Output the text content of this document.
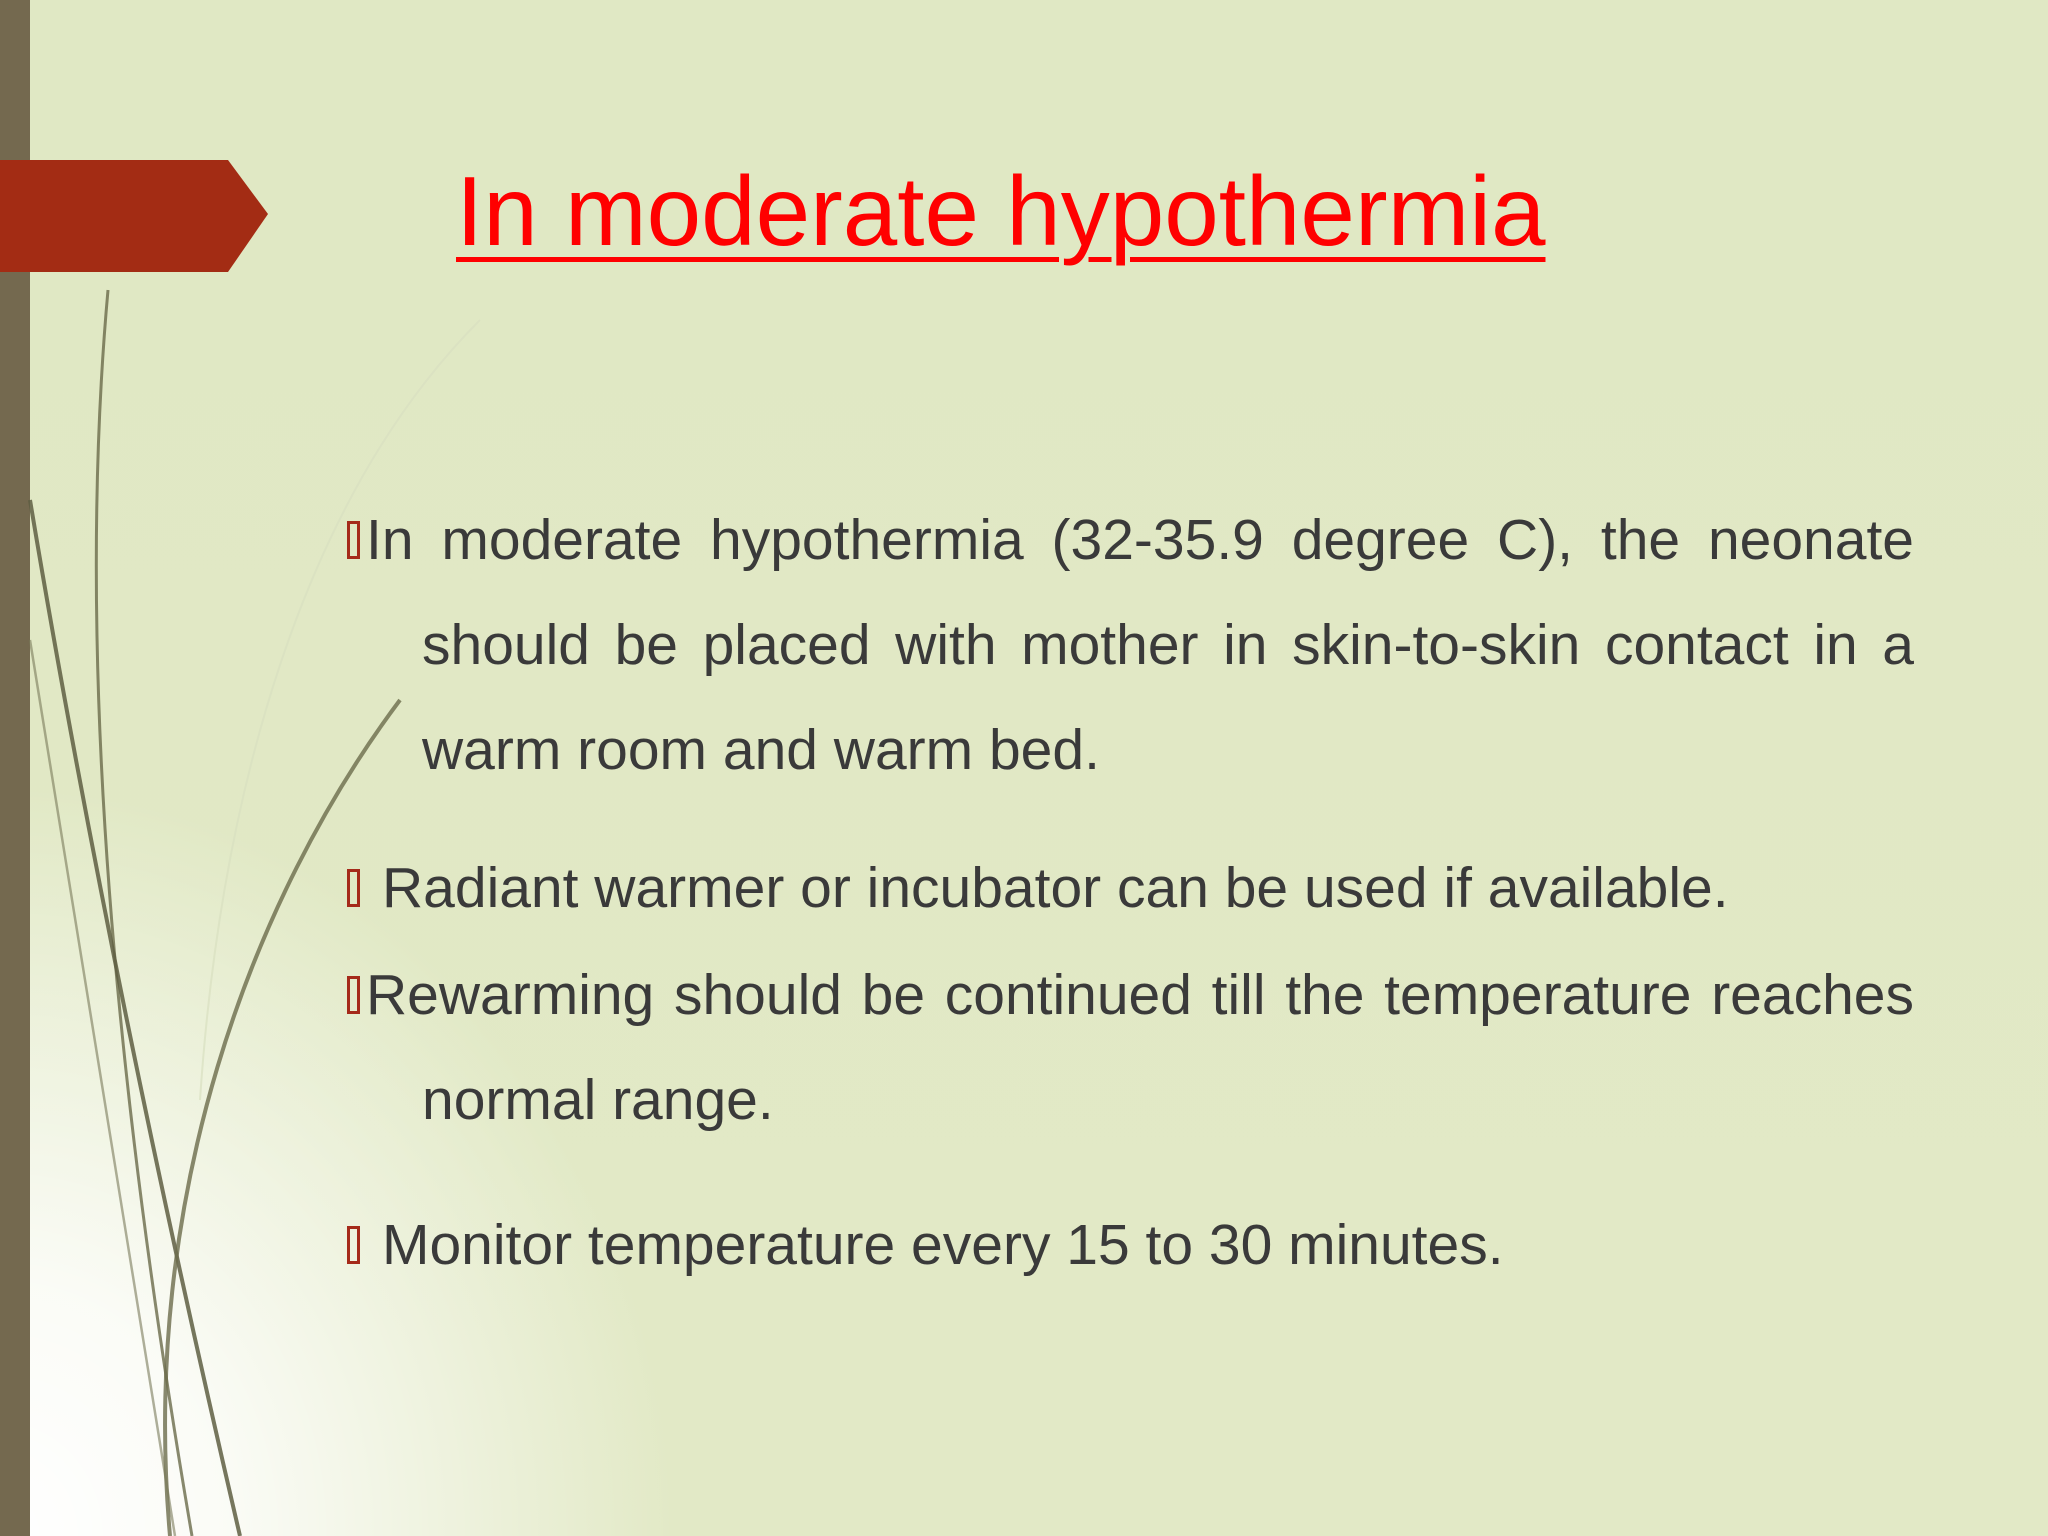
In moderate hypothermia
In moderate hypothermia (32-35.9 degree C), the neonate should be placed with mother in skin-to-skin contact in a warm room and warm bed.
Radiant warmer or incubator can be used if available.
Rewarming should be continued till the temperature reaches normal range.
Monitor temperature every 15 to 30 minutes.
